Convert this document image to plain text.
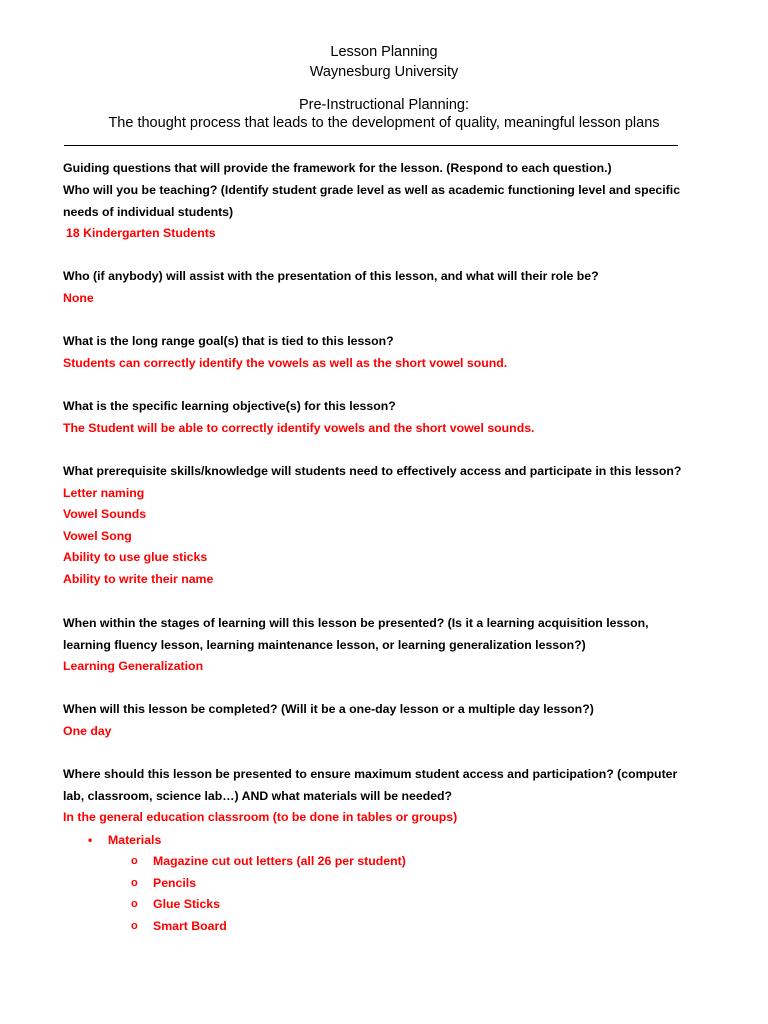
Lesson Planning
Waynesburg University
Pre-Instructional Planning:
The thought process that leads to the development of quality, meaningful lesson plans
Guiding questions that will provide the framework for the lesson. (Respond to each question.)
Who will you be teaching? (Identify student grade level as well as academic functioning level and specific
needs of individual students)
18 Kindergarten Students
Who (if anybody) will assist with the presentation of this lesson, and what will their role be?
None
What is the long range goal(s) that is tied to this lesson?
Students can correctly identify the vowels as well as the short vowel sound.
What is the specific learning objective(s) for this lesson?
The Student will be able to correctly identify vowels and the short vowel sounds.
What prerequisite skills/knowledge will students need to effectively access and participate in this lesson?
Letter naming
Vowel Sounds
Vowel Song
Ability to use glue sticks
Ability to write their name
When within the stages of learning will this lesson be presented? (Is it a learning acquisition lesson,
learning fluency lesson, learning maintenance lesson, or learning generalization lesson?)
Learning Generalization
When will this lesson be completed? (Will it be a one-day lesson or a multiple day lesson?)
One day
Where should this lesson be presented to ensure maximum student access and participation? (computer
lab, classroom, science lab…) AND what materials will be needed?
In the general education classroom (to be done in tables or groups)
• Materials
o Magazine cut out letters (all 26 per student)
o Pencils
o Glue Sticks
o Smart Board
